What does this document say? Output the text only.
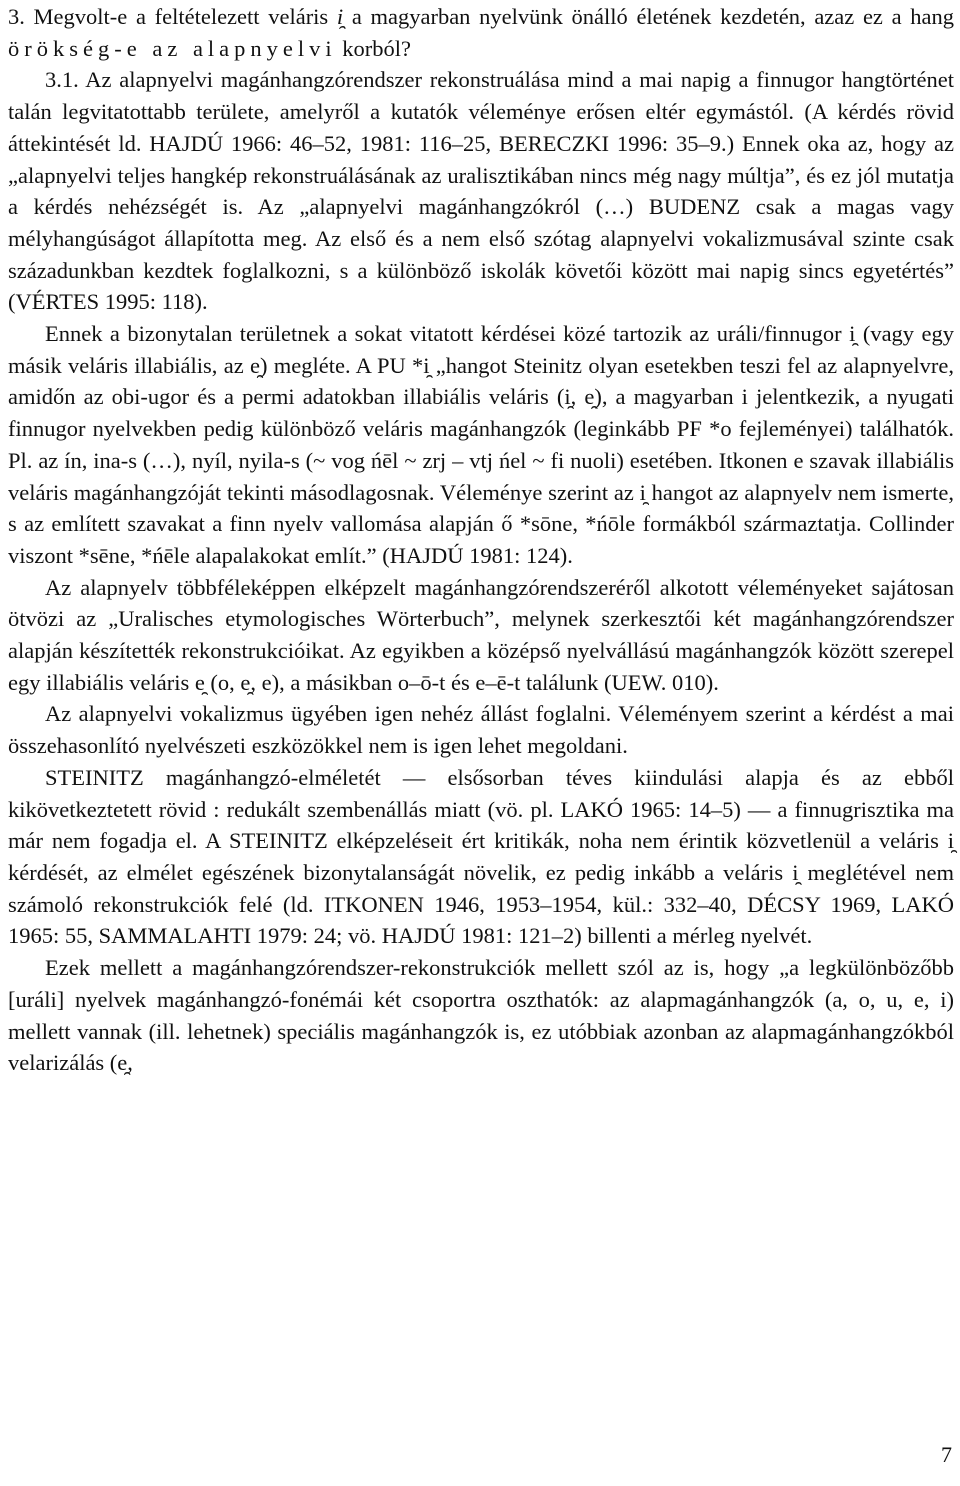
3. Megvolt-e a feltételezett veláris i̯ a magyarban nyelvünk önálló életének kezdetén, azaz ez a hang örökség-e az alapnyelvi korból?

3.1. Az alapnyelvi magánhangzórendszer rekonstruálása mind a mai napig a finnugor hangtörténet talán legvitatottabb területe, amelyről a kutatók véleménye erősen eltér egymástól. (A kérdés rövid áttekintését ld. HAJDÚ 1966: 46–52, 1981: 116–25, BERECZKI 1996: 35–9.) Ennek oka az, hogy az „alapnyelvi teljes hangkép rekonstruálásának az uralisztikában nincs még nagy múltja”, és ez jól mutatja a kérdés nehézségét is. Az „alapnyelvi magánhangzókról (…) BUDENZ csak a magas vagy mélyhangúságot állapította meg. Az első és a nem első szótag alapnyelvi vokalizmusával szinte csak századunkban kezdtek foglalkozni, s a különböző iskolák követői között mai napig sincs egyetértés” (VÉRTES 1995: 118).

Ennek a bizonytalan területnek a sokat vitatott kérdései közé tartozik az uráli/finnugor i̯ (vagy egy másik veláris illabiális, az e̯) megléte. A PU *i̯ „hangot Steinitz olyan esetekben teszi fel az alapnyelvre, amidőn az obi-ugor és a permi adatokban illabiális veláris (i̯, e̯), a magyarban i jelentkezik, a nyugati finnugor nyelvekben pedig különböző veláris magánhangzók (leginkább PF *o fejleményei) találhatók. Pl. az ín, ina-s (…), nyíl, nyila-s (~ vog ńēl ~ zrj – vtj ńel ~ fi nuoli) esetében. Itkonen e szavak illabiális veláris magánhangzóját tekinti másodlagosnak. Véleménye szerint az i̯ hangot az alapnyelv nem ismerte, s az említett szavakat a finn nyelv vallomása alapján ő *sōne, *ńōle formákból származtatja. Collinder viszont *sēne, *ńēle alapalakokat említ.” (HAJDÚ 1981: 124).

Az alapnyelv többféleképpen elképzelt magánhangzórendszeréről alkotott véleményeket sajátosan ötvözi az „Uralisches etymologisches Wörterbuch”, melynek szerkesztői két magánhangzórendszer alapján készítették rekonstrukcióikat. Az egyikben a középső nyelvállású magánhangzók között szerepel egy illabiális veláris e̯ (o, e̯, e), a másikban o–ō-t és e–ē-t találunk (UEW. 010).

Az alapnyelvi vokalizmus ügyében igen nehéz állást foglalni. Véleményem szerint a kérdést a mai összehasonlító nyelvészeti eszközökkel nem is igen lehet megoldani.

STEINITZ magánhangzó-elméletét — elsősorban téves kiindulási alapja és az ebből kikövetkeztetett rövid : redukált szembenállás miatt (vö. pl. LAKÓ 1965: 14–5) — a finnugrisztika ma már nem fogadja el. A STEINITZ elképzeléseit ért kritikák, noha nem érintik közvetlenül a veláris i̯ kérdését, az elmélet egészének bizonytalanságát növelik, ez pedig inkább a veláris i̯ meglétével nem számoló rekonstrukciók felé (ld. ITKONEN 1946, 1953–1954, kül.: 332–40, DÉCSY 1969, LAKÓ 1965: 55, SAMMALAHTI 1979: 24; vö. HAJDÚ 1981: 121–2) billenti a mérleg nyelvét.

Ezek mellett a magánhangzórendszer-rekonstrukciók mellett szól az is, hogy „a legkülönbözőbb [uráli] nyelvek magánhangzó-fonémái két csoportra oszthatók: az alapmagánhangzók (a, o, u, e, i) mellett vannak (ill. lehetnek) speciális magánhangzók is, ez utóbbiak azonban az alapmagánhangzókból velarizálás (e̯,

7
